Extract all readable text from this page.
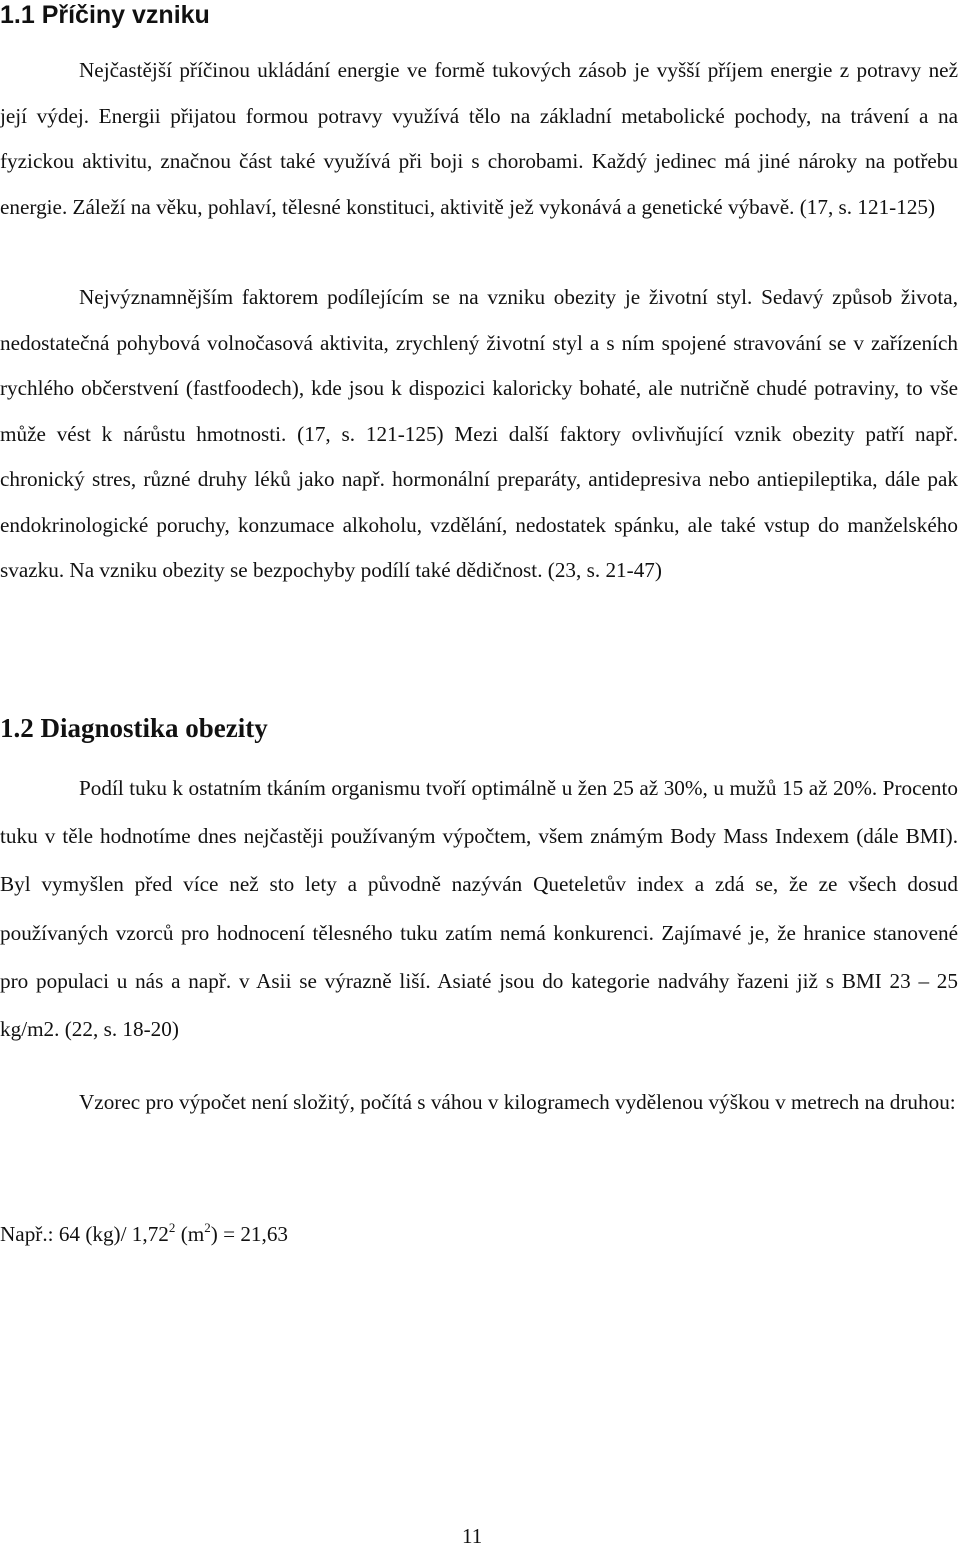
1.1 Příčiny vzniku

Nejčastější příčinou ukládání energie ve formě tukových zásob je vyšší příjem energie z potravy než její výdej. Energii přijatou formou potravy využívá tělo na základní metabolické pochody, na trávení a na fyzickou aktivitu, značnou část také využívá při boji s chorobami. Každý jedinec má jiné nároky na potřebu energie. Záleží na věku, pohlaví, tělesné konstituci, aktivitě jež vykonává a genetické výbavě. (17, s. 121-125)

Nejvýznamnějším faktorem podílejícím se na vzniku obezity je životní styl. Sedavý způsob života, nedostatečná pohybová volnočasová aktivita, zrychlený životní styl a s ním spojené stravování se v zařízeních rychlého občerstvení (fastfoodech), kde jsou k dispozici kaloricky bohaté, ale nutričně chudé potraviny, to vše může vést k nárůstu hmotnosti. (17, s. 121-125) Mezi další faktory ovlivňující vznik obezity patří např. chronický stres, různé druhy léků jako např. hormonální preparáty, antidepresiva nebo antiepileptika, dále pak endokrinologické poruchy, konzumace alkoholu, vzdělání, nedostatek spánku, ale také vstup do manželského svazku. Na vzniku obezity se bezpochyby podílí také dědičnost. (23, s. 21-47)

1.2 Diagnostika obezity

Podíl tuku k ostatním tkáním organismu tvoří optimálně u žen 25 až 30%, u mužů 15 až 20%. Procento tuku v těle hodnotíme dnes nejčastěji používaným výpočtem, všem známým Body Mass Indexem (dále BMI). Byl vymyšlen před více než sto lety a původně nazýván Queteletův index a zdá se, že ze všech dosud používaných vzorců pro hodnocení tělesného tuku zatím nemá konkurenci. Zajímavé je, že hranice stanovené pro populaci u nás a např. v Asii se výrazně liší. Asiaté jsou do kategorie nadváhy řazeni již s BMI 23 – 25 kg/m2. (22, s. 18-20)

Vzorec pro výpočet není složitý, počítá s váhou v kilogramech vydělenou výškou v metrech na druhou:

Např.: 64 (kg)/ 1,72$^2$ $(m^2) = 21,63$

11
